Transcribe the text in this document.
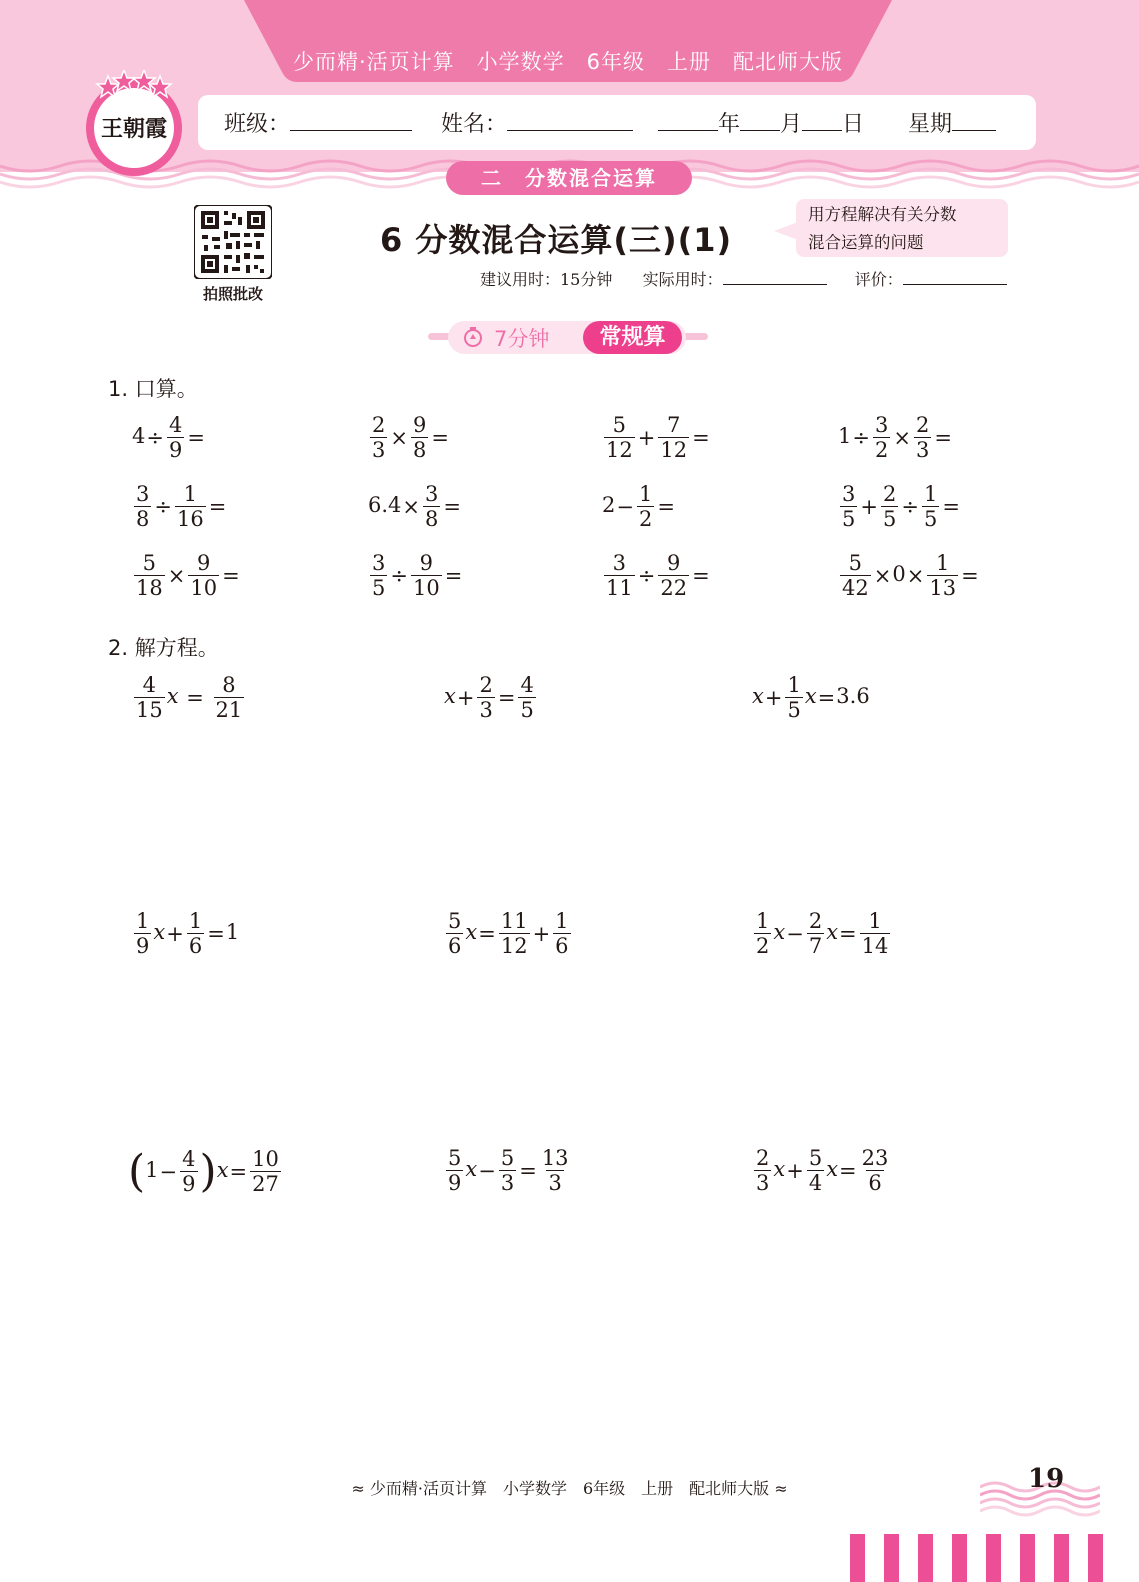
少而精·活页计算　小学数学　6年级　上册　配北师大版
班级：	姓名：	年 月 日 星期
二　分数混合运算
王朝霞
拍照批改
6 分数混合运算(三)(1)
用方程解决有关分数
混合运算的问题
建议用时：15分钟 实际用时：	评价：
7分钟	常规算
1. 口算。
$4\div \frac{4}{9}$ =	$\frac{2}{3} \times \frac{9}{8}$ =	$\frac{5}{12} + \frac{7}{12}$ =	$1\div \frac{3}{2} \times \frac{2}{3}$ =
$\frac{3}{8} \div \frac{1}{16}$ =	$6.4\times \frac{3}{8}$ =	$2- \frac{1}{2}$ =	$\frac{3}{5} + \frac{2}{5} \div \frac{1}{5}$ =
$\frac{5}{18} \times \frac{9}{10}$ =	$\frac{3}{5} \div \frac{9}{10}$ =	$\frac{3}{11} \div \frac{9}{22}$ =	$\frac{5}{42} \times 0\times \frac{1}{13}$ =
2. 解方程。
$\frac{4}{15}$ $x = \frac{8}{21}$	$x+ \frac{2}{3} = \frac{4}{5}$	$x+ \frac{1}{5} x=3.6$
$\frac{1}{9} x+ \frac{1}{6} =1$	$\frac{5}{6} x= \frac{11}{12} + \frac{1}{6}$	$\frac{1}{2} x- \frac{2}{7} x= \frac{1}{14}$
$(1- \frac{4}{9} )x= \frac{10}{27}$	$\frac{5}{9} x- \frac{5}{3} = \frac{13}{3}$	$\frac{2}{3} x+ \frac{5}{4} x= \frac{23}{6}$
≈ 少而精·活页计算　小学数学　6年级　上册　配北师大版 ≈	19
